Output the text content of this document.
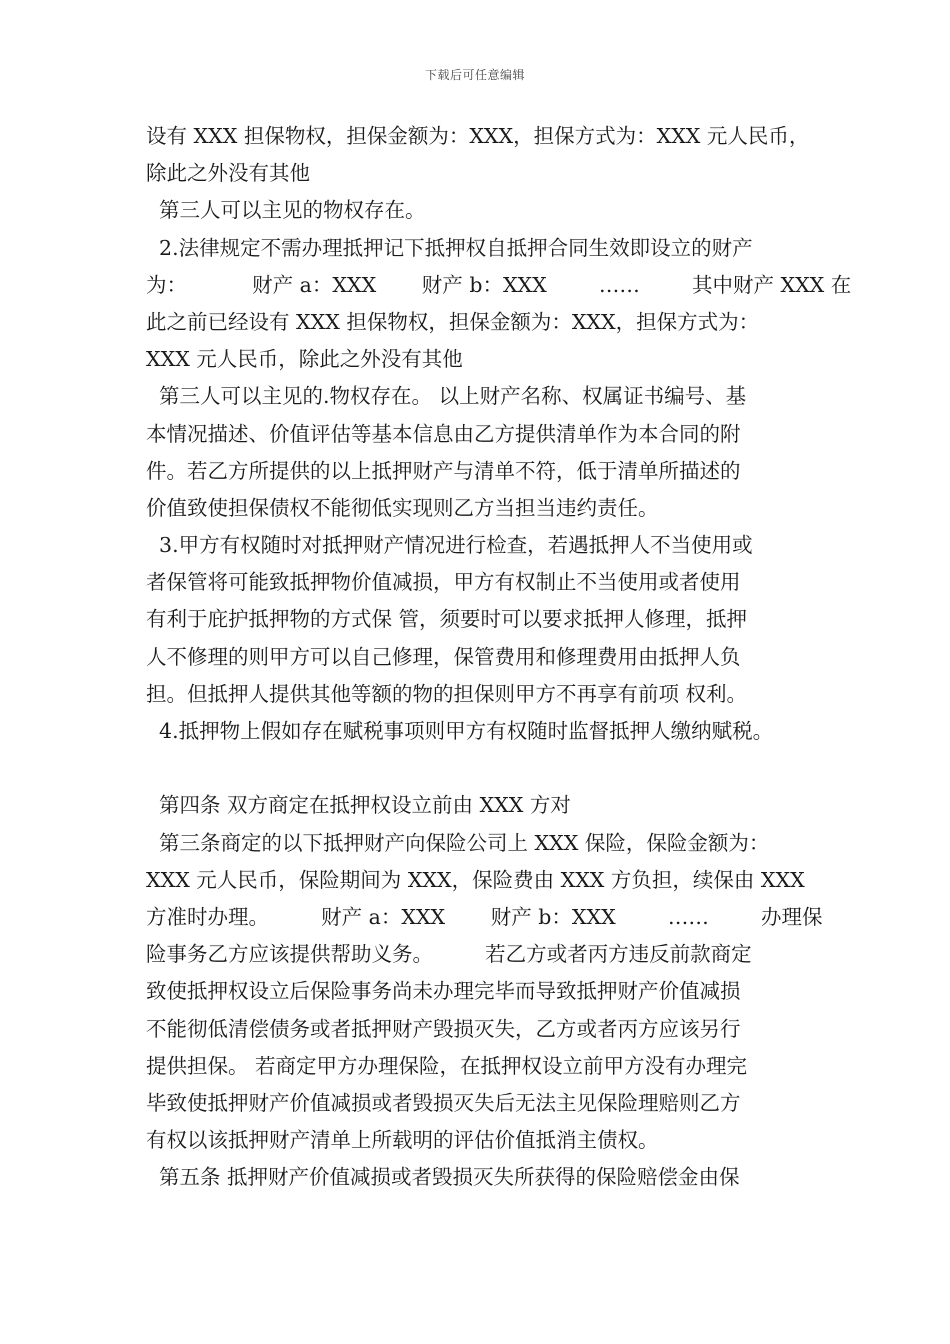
下载后可任意编辑
设有 XXX 担保物权，担保金额为：XXX，担保方式为：XXX 元人民币，
除此之外没有其他
第三人可以主见的物权存在。
2.法律规定不需办理抵押记下抵押权自抵押合同生效即设立的财产
为：          财产 a：XXX       财产 b：XXX        ……        其中财产 XXX 在
此之前已经设有 XXX 担保物权，担保金额为：XXX，担保方式为：
XXX 元人民币，除此之外没有其他
第三人可以主见的.物权存在。 以上财产名称、权属证书编号、基
本情况描述、价值评估等基本信息由乙方提供清单作为本合同的附
件。若乙方所提供的以上抵押财产与清单不符，低于清单所描述的
价值致使担保债权不能彻低实现则乙方当担当违约责任。
3.甲方有权随时对抵押财产情况进行检查，若遇抵押人不当使用或
者保管将可能致抵押物价值减损，甲方有权制止不当使用或者使用
有利于庇护抵押物的方式保 管，须要时可以要求抵押人修理，抵押
人不修理的则甲方可以自己修理，保管费用和修理费用由抵押人负
担。但抵押人提供其他等额的物的担保则甲方不再享有前项 权利。
4.抵押物上假如存在赋税事项则甲方有权随时监督抵押人缴纳赋税。
第四条 双方商定在抵押权设立前由 XXX 方对
第三条商定的以下抵押财产向保险公司上 XXX 保险，保险金额为：
XXX 元人民币，保险期间为 XXX，保险费由 XXX 方负担，续保由 XXX
方准时办理。        财产 a：XXX       财产 b：XXX        ……        办理保
险事务乙方应该提供帮助义务。        若乙方或者丙方违反前款商定
致使抵押权设立后保险事务尚未办理完毕而导致抵押财产价值减损
不能彻低清偿债务或者抵押财产毁损灭失，乙方或者丙方应该另行
提供担保。 若商定甲方办理保险，在抵押权设立前甲方没有办理完
毕致使抵押财产价值减损或者毁损灭失后无法主见保险理赔则乙方
有权以该抵押财产清单上所载明的评估价值抵消主债权。
第五条 抵押财产价值减损或者毁损灭失所获得的保险赔偿金由保
